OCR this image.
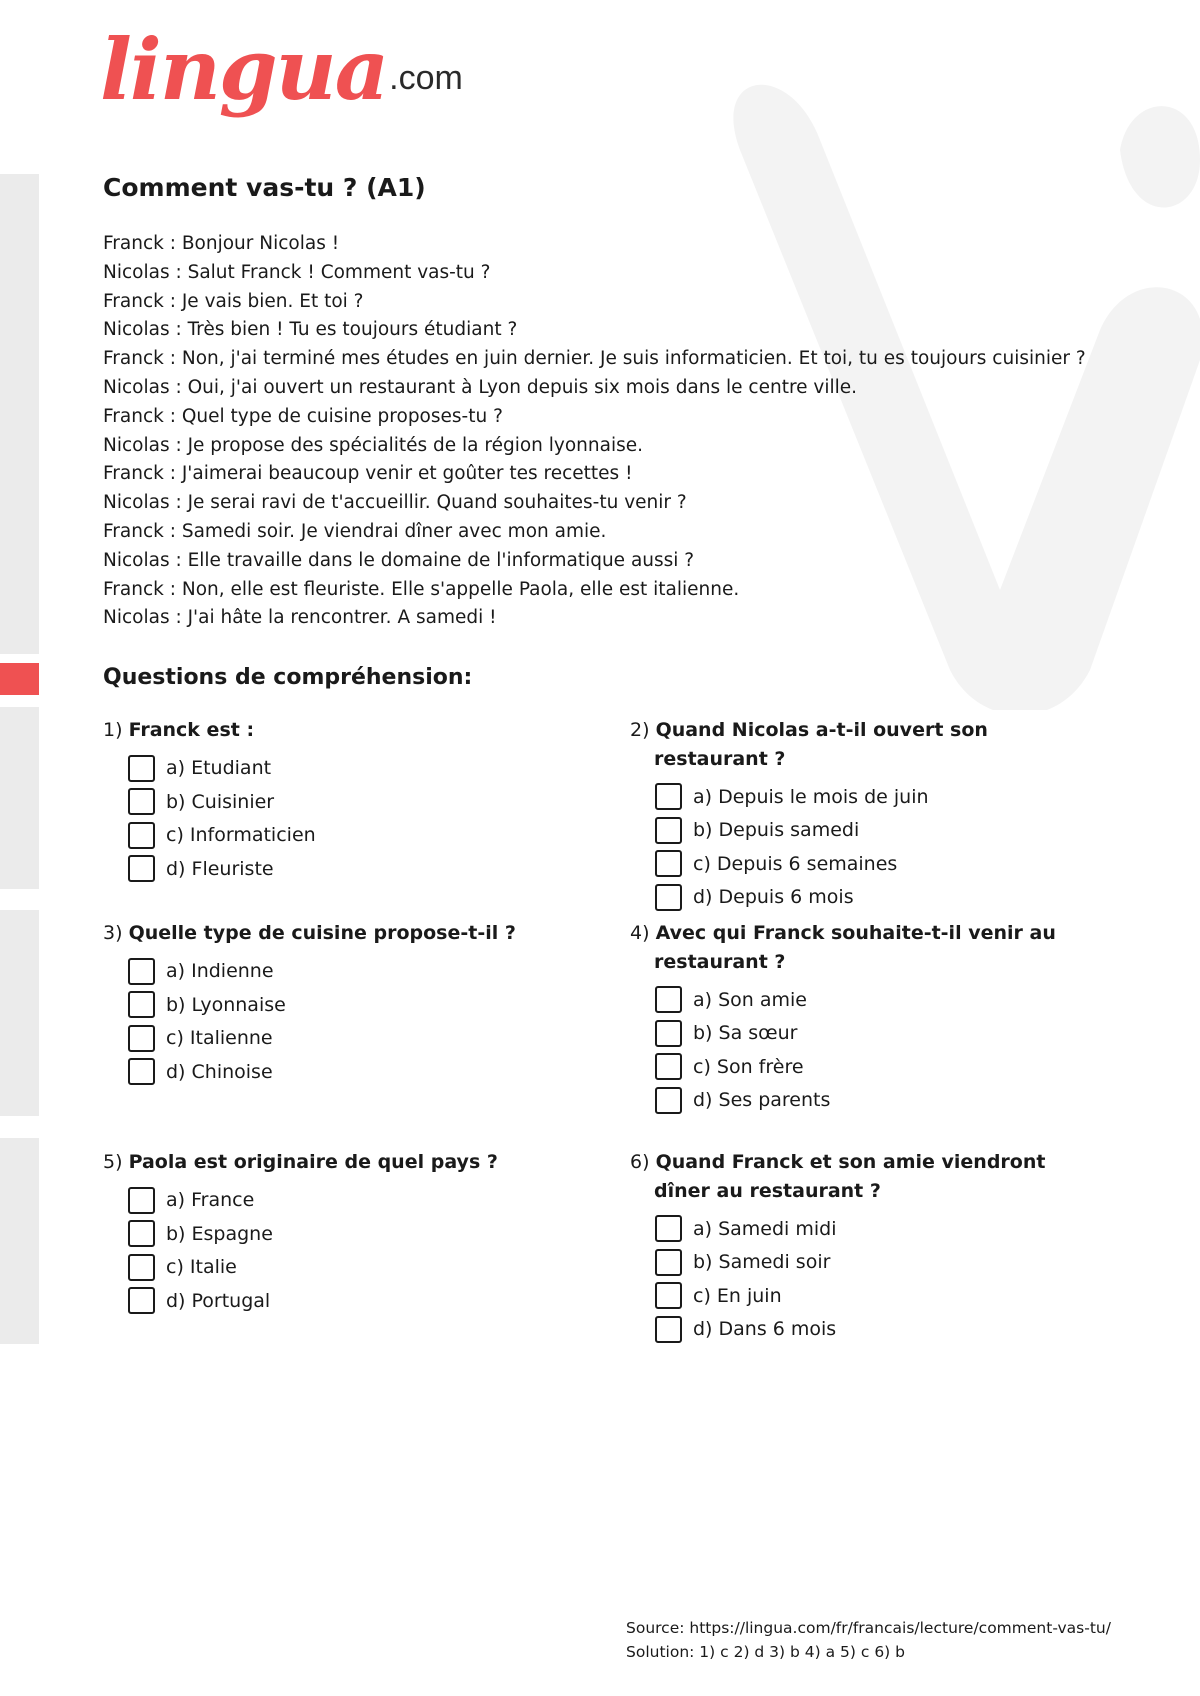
lingua .com
Comment vas-tu ? (A1)
Franck : Bonjour Nicolas !
Nicolas : Salut Franck ! Comment vas-tu ?
Franck : Je vais bien. Et toi ?
Nicolas : Très bien ! Tu es toujours étudiant ?
Franck : Non, j'ai terminé mes études en juin dernier. Je suis informaticien. Et toi, tu es toujours cuisinier ?
Nicolas : Oui, j'ai ouvert un restaurant à Lyon depuis six mois dans le centre ville.
Franck : Quel type de cuisine proposes-tu ?
Nicolas : Je propose des spécialités de la région lyonnaise.
Franck : J'aimerai beaucoup venir et goûter tes recettes !
Nicolas : Je serai ravi de t'accueillir. Quand souhaites-tu venir ?
Franck : Samedi soir. Je viendrai dîner avec mon amie.
Nicolas : Elle travaille dans le domaine de l'informatique aussi ?
Franck : Non, elle est fleuriste. Elle s'appelle Paola, elle est italienne.
Nicolas : J'ai hâte la rencontrer. A samedi !
Questions de compréhension:
1) Franck est :
a) Etudiant
b) Cuisinier
c) Informaticien
d) Fleuriste
2) Quand Nicolas a-t-il ouvert son restaurant ?
a) Depuis le mois de juin
b) Depuis samedi
c) Depuis 6 semaines
d) Depuis 6 mois
3) Quelle type de cuisine propose-t-il ?
a) Indienne
b) Lyonnaise
c) Italienne
d) Chinoise
4) Avec qui Franck souhaite-t-il venir au restaurant ?
a) Son amie
b) Sa sœur
c) Son frère
d) Ses parents
5) Paola est originaire de quel pays ?
a) France
b) Espagne
c) Italie
d) Portugal
6) Quand Franck et son amie viendront dîner au restaurant ?
a) Samedi midi
b) Samedi soir
c) En juin
d) Dans 6 mois
Source: https://lingua.com/fr/francais/lecture/comment-vas-tu/
Solution: 1) c 2) d 3) b 4) a 5) c 6) b
